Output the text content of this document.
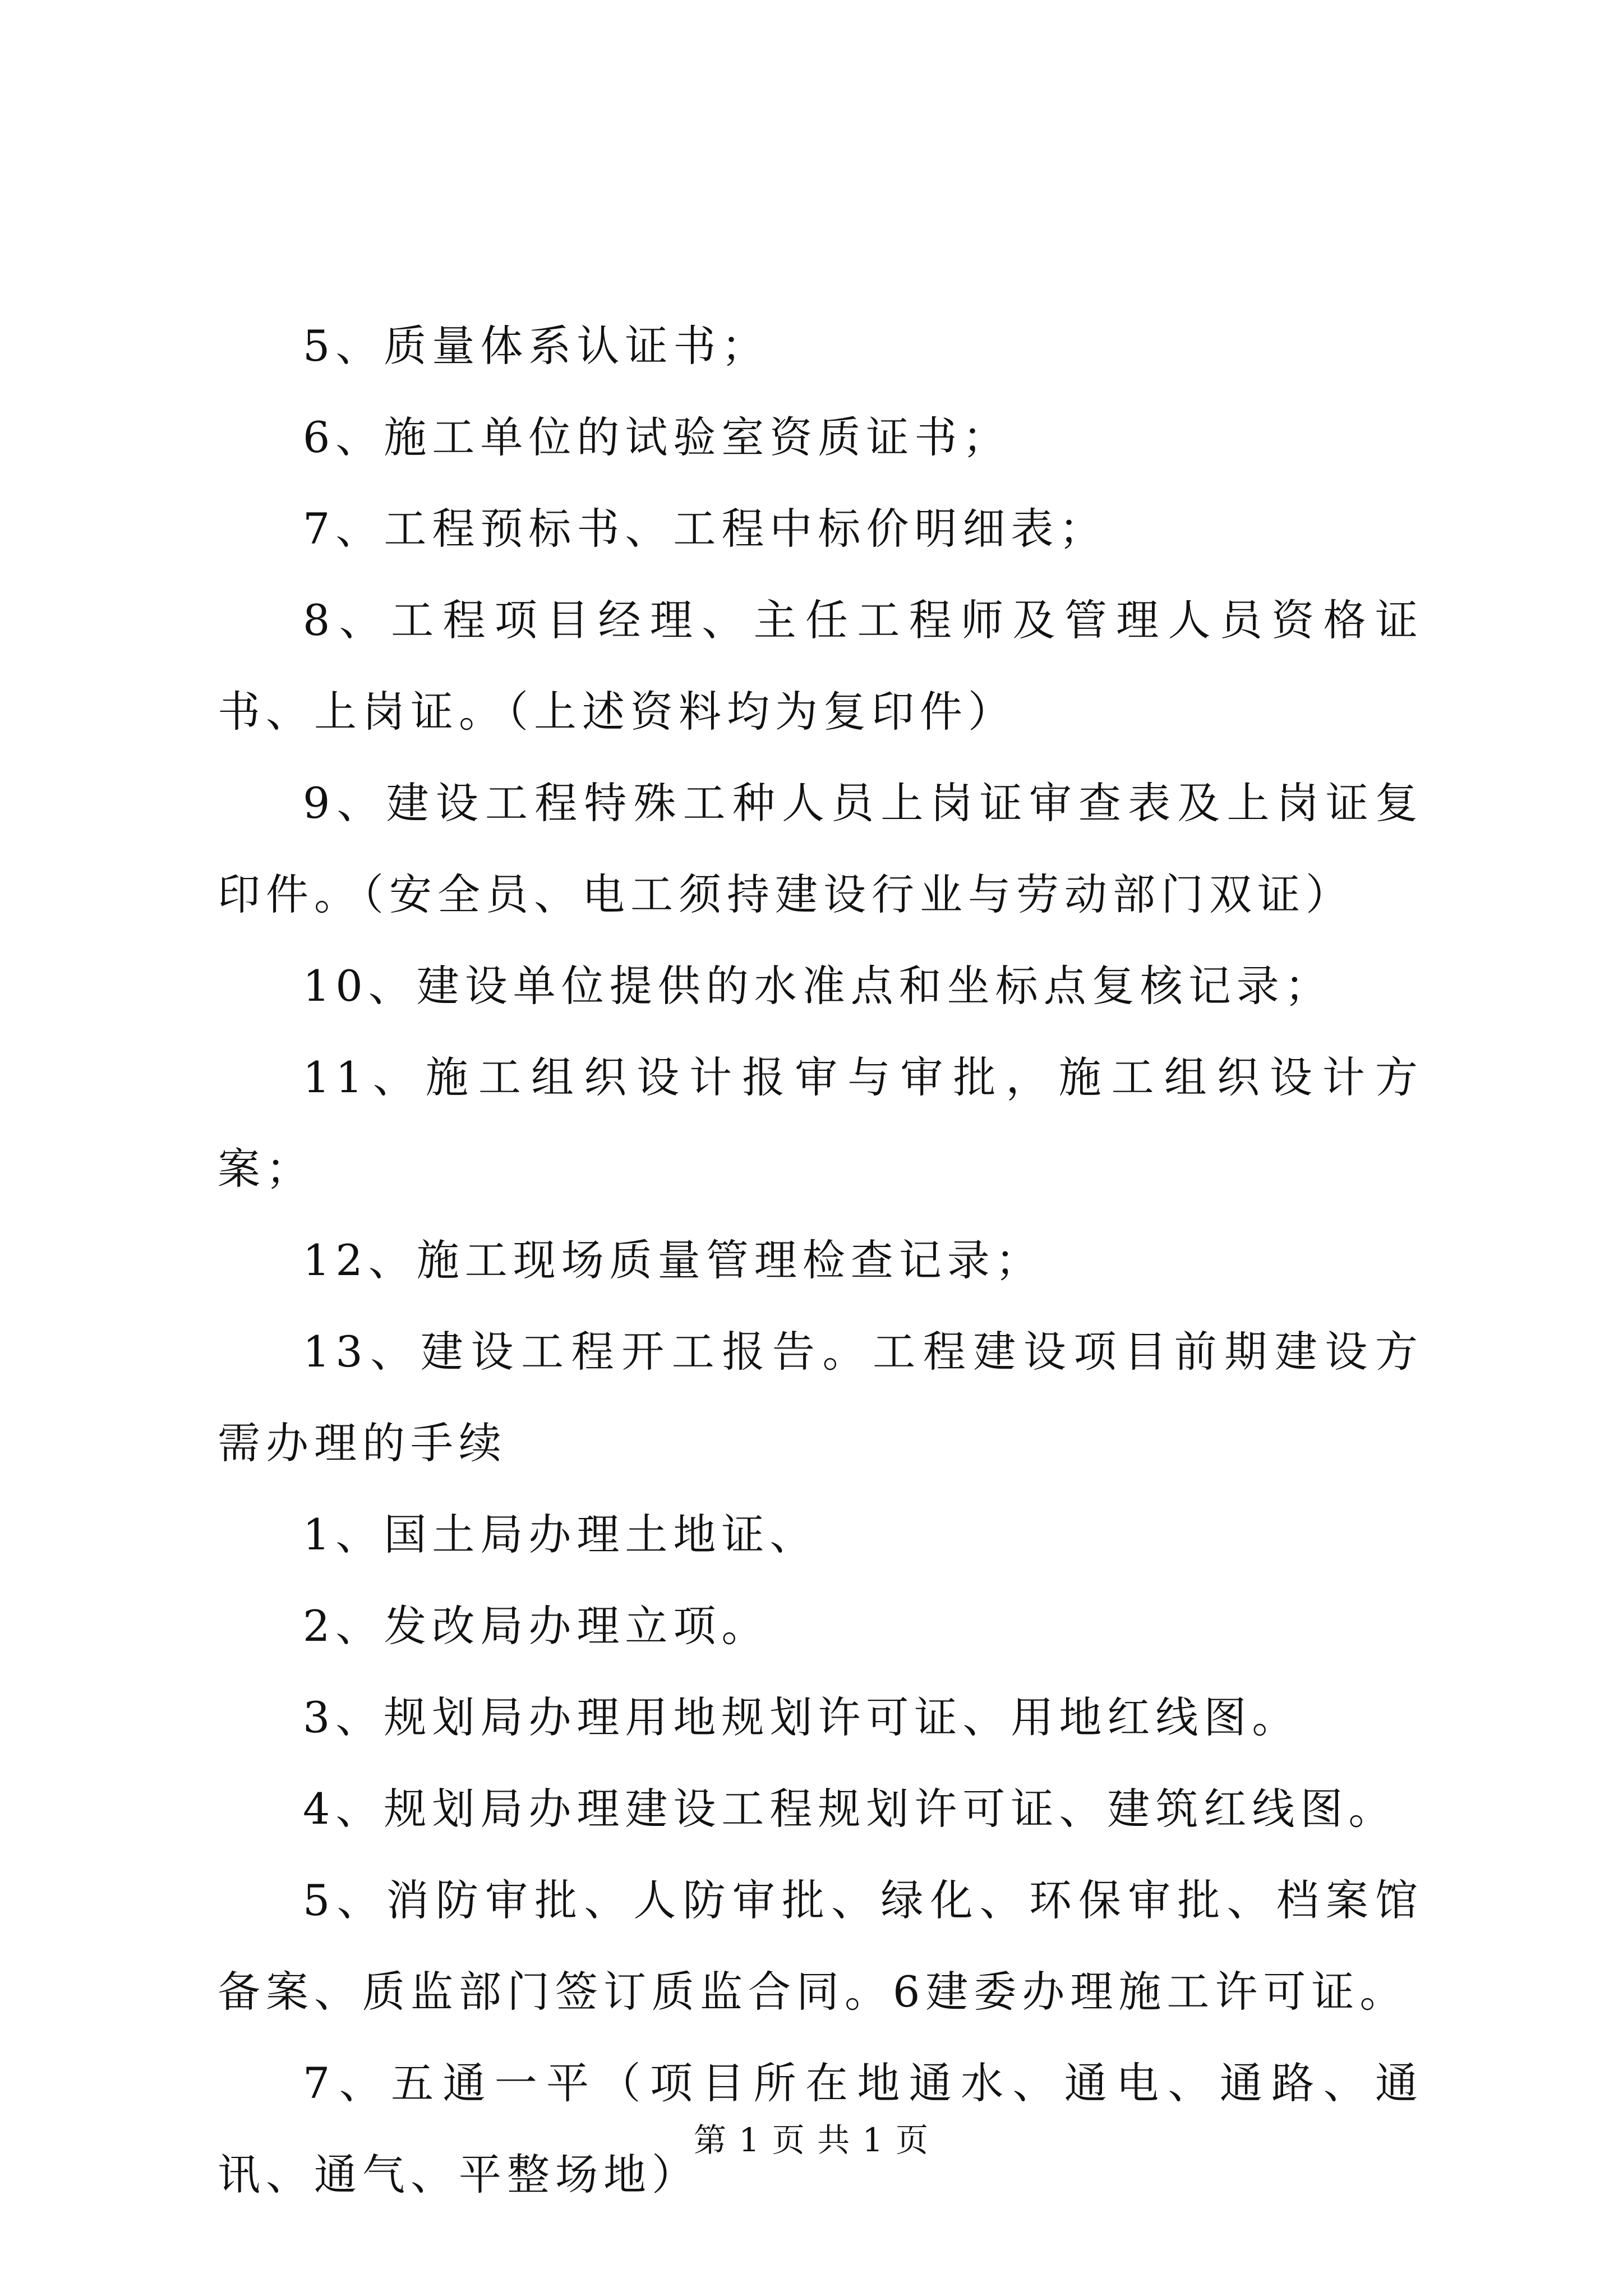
5、质量体系认证书；

6、施工单位的试验室资质证书；

7、工程预标书、工程中标价明细表；

8、工程项目经理、主任工程师及管理人员资格证书、上岗证。（上述资料均为复印件）

9、建设工程特殊工种人员上岗证审查表及上岗证复印件。（安全员、电工须持建设行业与劳动部门双证）

10、建设单位提供的水准点和坐标点复核记录；

11、施工组织设计报审与审批，施工组织设计方案；

12、施工现场质量管理检查记录；

13、建设工程开工报告。工程建设项目前期建设方需办理的手续

1、国土局办理土地证、

2、发改局办理立项。

3、规划局办理用地规划许可证、用地红线图。

4、规划局办理建设工程规划许可证、建筑红线图。

5、消防审批、人防审批、绿化、环保审批、档案馆备案、质监部门签订质监合同。6建委办理施工许可证。

7、五通一平（项目所在地通水、通电、通路、通讯、通气、平整场地）

第 1 页 共 1 页
